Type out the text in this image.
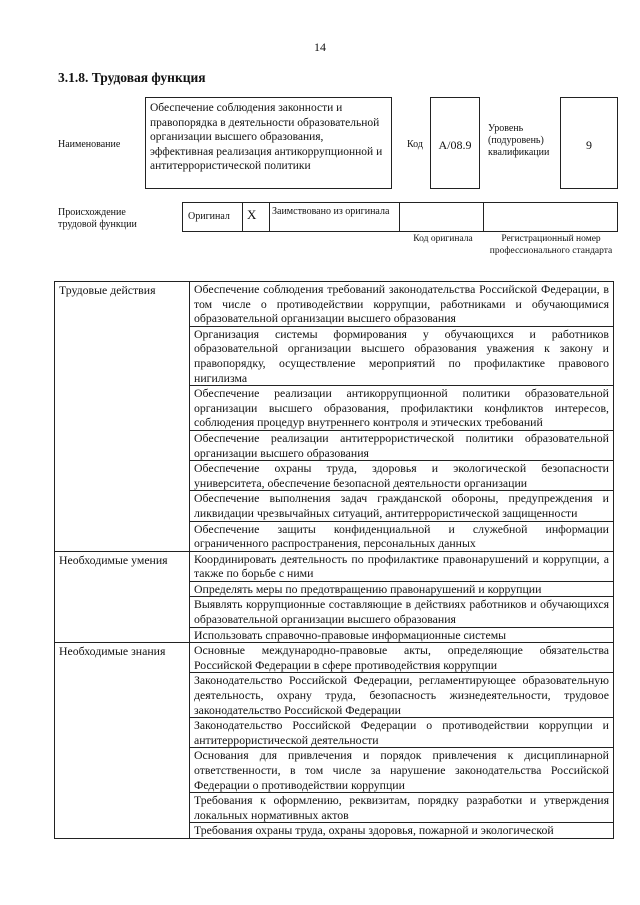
14
3.1.8. Трудовая функция
Наименование
Обеспечение соблюдения законности и правопорядка в деятельности образовательной организации высшего образования, эффективная реализация антикоррупционной и антитеррористической политики
Код	А/08.9
Уровень (подуровень) квалификации
9
Происхождение трудовой функции
Оригинал X Заимствовано из оригинала
Код оригинала	Регистрационный номер профессионального стандарта
Трудовые действия	Обеспечение соблюдения требований законодательства Российской Федерации, в том числе о противодействии коррупции, работниками и обучающимися образовательной организации высшего образования
	Организация системы формирования у обучающихся и работников образовательной организации высшего образования уважения к закону и правопорядку, осуществление мероприятий по профилактике правового нигилизма
	Обеспечение реализации антикоррупционной политики образовательной организации высшего образования, профилактики конфликтов интересов, соблюдения процедур внутреннего контроля и этических требований
	Обеспечение реализации антитеррористической политики образовательной организации высшего образования
	Обеспечение охраны труда, здоровья и экологической безопасности университета, обеспечение безопасной деятельности организации
	Обеспечение выполнения задач гражданской обороны, предупреждения и ликвидации чрезвычайных ситуаций, антитеррористической защищенности
	Обеспечение защиты конфиденциальной и служебной информации ограниченного распространения, персональных данных
Необходимые умения	Координировать деятельность по профилактике правонарушений и коррупции, а также по борьбе с ними
	Определять меры по предотвращению правонарушений и коррупции
	Выявлять коррупционные составляющие в действиях работников и обучающихся образовательной организации высшего образования
	Использовать справочно-правовые информационные системы
Необходимые знания	Основные международно-правовые акты, определяющие обязательства Российской Федерации в сфере противодействия коррупции
	Законодательство Российской Федерации, регламентирующее образовательную деятельность, охрану труда, безопасность жизнедеятельности, трудовое законодательство Российской Федерации
	Законодательство Российской Федерации о противодействии коррупции и антитеррористической деятельности
	Основания для привлечения и порядок привлечения к дисциплинарной ответственности, в том числе за нарушение законодательства Российской Федерации о противодействии коррупции
	Требования к оформлению, реквизитам, порядку разработки и утверждения локальных нормативных актов
	Требования охраны труда, охраны здоровья, пожарной и экологической
